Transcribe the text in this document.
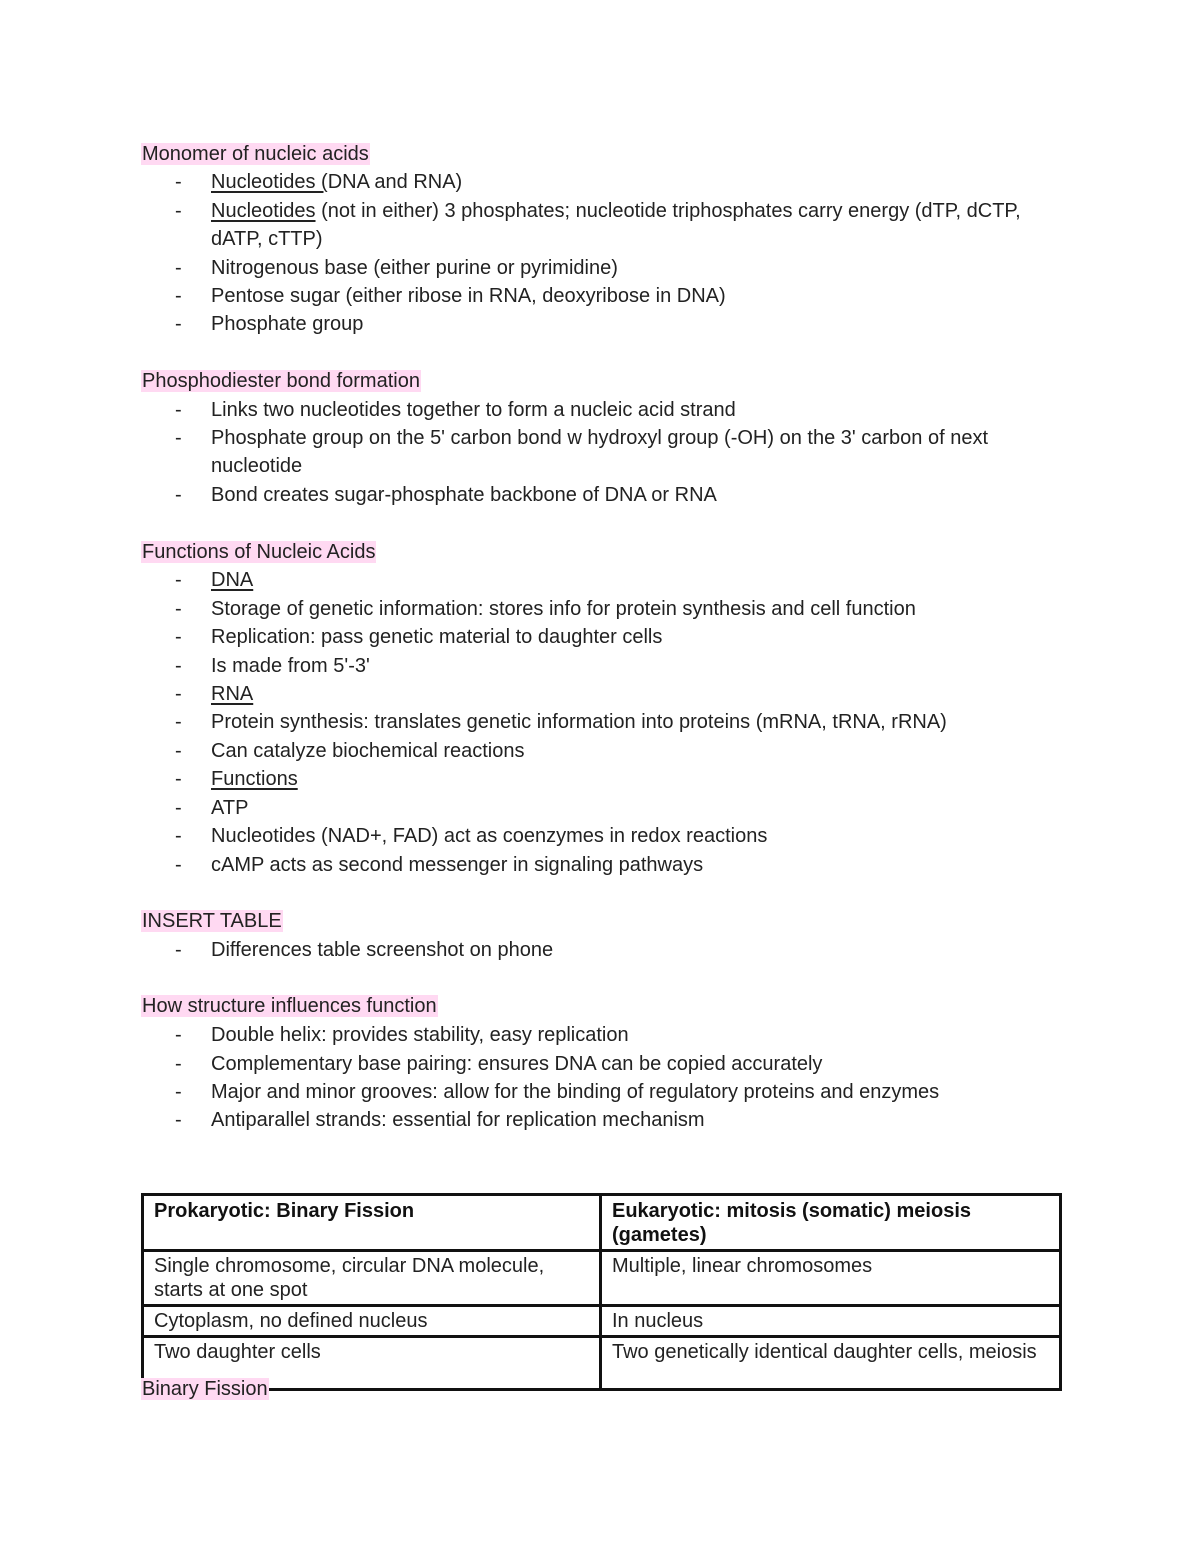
Monomer of nucleic acids
- Nucleotides (DNA and RNA)
- Nucleotides (not in either) 3 phosphates; nucleotide triphosphates carry energy (dTP, dCTP, dATP, cTTP)
- Nitrogenous base (either purine or pyrimidine)
- Pentose sugar (either ribose in RNA, deoxyribose in DNA)
- Phosphate group
Phosphodiester bond formation
- Links two nucleotides together to form a nucleic acid strand
- Phosphate group on the 5' carbon bond w hydroxyl group (-OH) on the 3' carbon of next nucleotide
- Bond creates sugar-phosphate backbone of DNA or RNA
Functions of Nucleic Acids
- DNA
- Storage of genetic information: stores info for protein synthesis and cell function
- Replication: pass genetic material to daughter cells
- Is made from 5'-3'
- RNA
- Protein synthesis: translates genetic information into proteins (mRNA, tRNA, rRNA)
- Can catalyze biochemical reactions
- Functions
- ATP
- Nucleotides (NAD+, FAD) act as coenzymes in redox reactions
- cAMP acts as second messenger in signaling pathways
INSERT TABLE
- Differences table screenshot on phone
How structure influences function
- Double helix: provides stability, easy replication
- Complementary base pairing: ensures DNA can be copied accurately
- Major and minor grooves: allow for the binding of regulatory proteins and enzymes
- Antiparallel strands: essential for replication mechanism
Prokaryotic: Binary Fission	Eukaryotic: mitosis (somatic) meiosis (gametes)
Single chromosome, circular DNA molecule, starts at one spot	Multiple, linear chromosomes
Cytoplasm, no defined nucleus	In nucleus
Two daughter cells	Two genetically identical daughter cells, meiosis
Binary Fission
